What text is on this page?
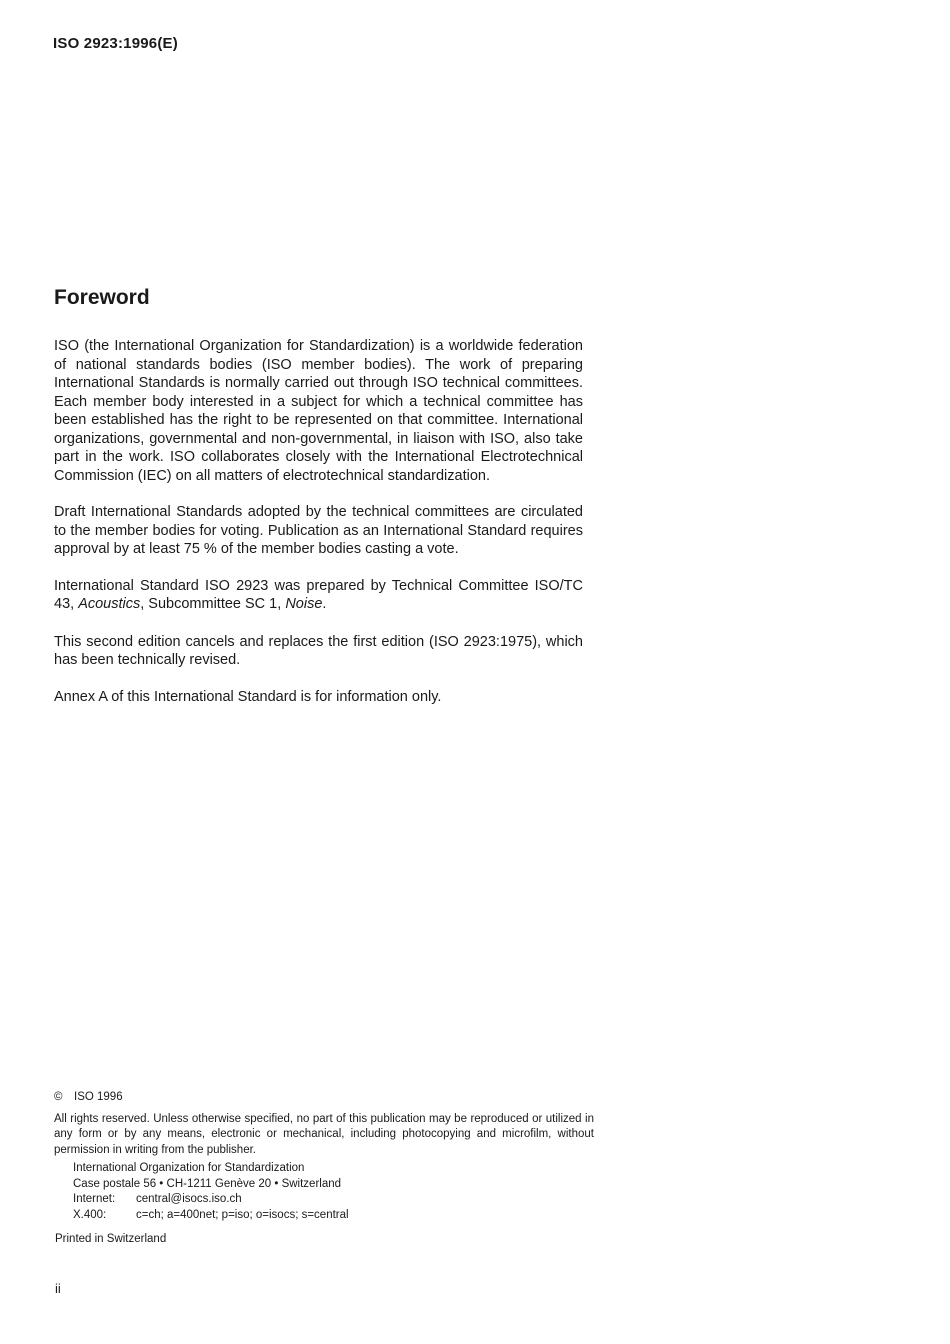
ISO 2923:1996(E)
Foreword

ISO (the International Organization for Standardization) is a worldwide federation of national standards bodies (ISO member bodies). The work of preparing International Standards is normally carried out through ISO technical committees. Each member body interested in a subject for which a technical committee has been established has the right to be represented on that committee. International organizations, governmental and non-governmental, in liaison with ISO, also take part in the work. ISO collaborates closely with the International Electrotechnical Commission (IEC) on all matters of electrotechnical standardization.

Draft International Standards adopted by the technical committees are circulated to the member bodies for voting. Publication as an International Standard requires approval by at least 75 % of the member bodies casting a vote.

International Standard ISO 2923 was prepared by Technical Committee ISO/TC 43, Acoustics, Subcommittee SC 1, Noise.

This second edition cancels and replaces the first edition (ISO 2923:1975), which has been technically revised.

Annex A of this International Standard is for information only.

© ISO 1996

All rights reserved. Unless otherwise specified, no part of this publication may be reproduced or utilized in any form or by any means, electronic or mechanical, including photocopying and microfilm, without permission in writing from the publisher.

International Organization for Standardization
Case postale 56 • CH-1211 Genève 20 • Switzerland
Internet: central@isocs.iso.ch
X.400:	c=ch; a=400net; p=iso; o=isocs; s=central

Printed in Switzerland

ii
